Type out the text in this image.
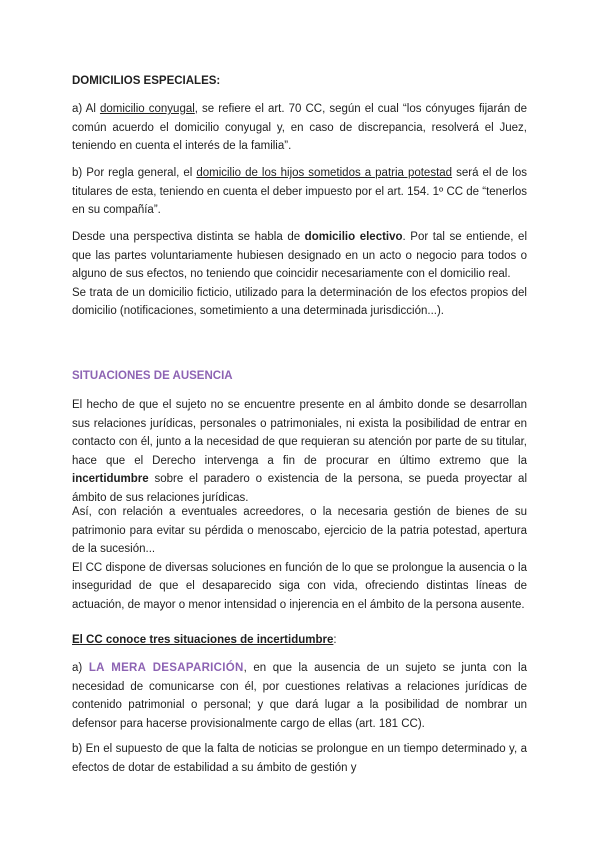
DOMICILIOS ESPECIALES:
a) Al domicilio conyugal, se refiere el art. 70 CC, según el cual “los cónyuges fijarán de común acuerdo el domicilio conyugal y, en caso de discrepancia, resolverá el Juez, teniendo en cuenta el interés de la familia”.
b) Por regla general, el domicilio de los hijos sometidos a patria potestad será el de los titulares de esta, teniendo en cuenta el deber impuesto por el art. 154. 1º CC de “tenerlos en su compañía”.
Desde una perspectiva distinta se habla de domicilio electivo. Por tal se entiende, el que las partes voluntariamente hubiesen designado en un acto o negocio para todos o alguno de sus efectos, no teniendo que coincidir necesariamente con el domicilio real.
Se trata de un domicilio ficticio, utilizado para la determinación de los efectos propios del domicilio (notificaciones, sometimiento a una determinada jurisdicción...).
SITUACIONES DE AUSENCIA
El hecho de que el sujeto no se encuentre presente en al ámbito donde se desarrollan sus relaciones jurídicas, personales o patrimoniales, ni exista la posibilidad de entrar en contacto con él, junto a la necesidad de que requieran su atención por parte de su titular, hace que el Derecho intervenga a fin de procurar en último extremo que la incertidumbre sobre el paradero o existencia de la persona, se pueda proyectar al ámbito de sus relaciones jurídicas.
Así, con relación a eventuales acreedores, o la necesaria gestión de bienes de su patrimonio para evitar su pérdida o menoscabo, ejercicio de la patria potestad, apertura de la sucesión...
El CC dispone de diversas soluciones en función de lo que se prolongue la ausencia o la inseguridad de que el desaparecido siga con vida, ofreciendo distintas líneas de actuación, de mayor o menor intensidad o injerencia en el ámbito de la persona ausente.
El CC conoce tres situaciones de incertidumbre:
a) LA MERA DESAPARICIÓN, en que la ausencia de un sujeto se junta con la necesidad de comunicarse con él, por cuestiones relativas a relaciones jurídicas de contenido patrimonial o personal; y que dará lugar a la posibilidad de nombrar un defensor para hacerse provisionalmente cargo de ellas (art. 181 CC).
b) En el supuesto de que la falta de noticias se prolongue en un tiempo determinado y, a efectos de dotar de estabilidad a su ámbito de gestión y
